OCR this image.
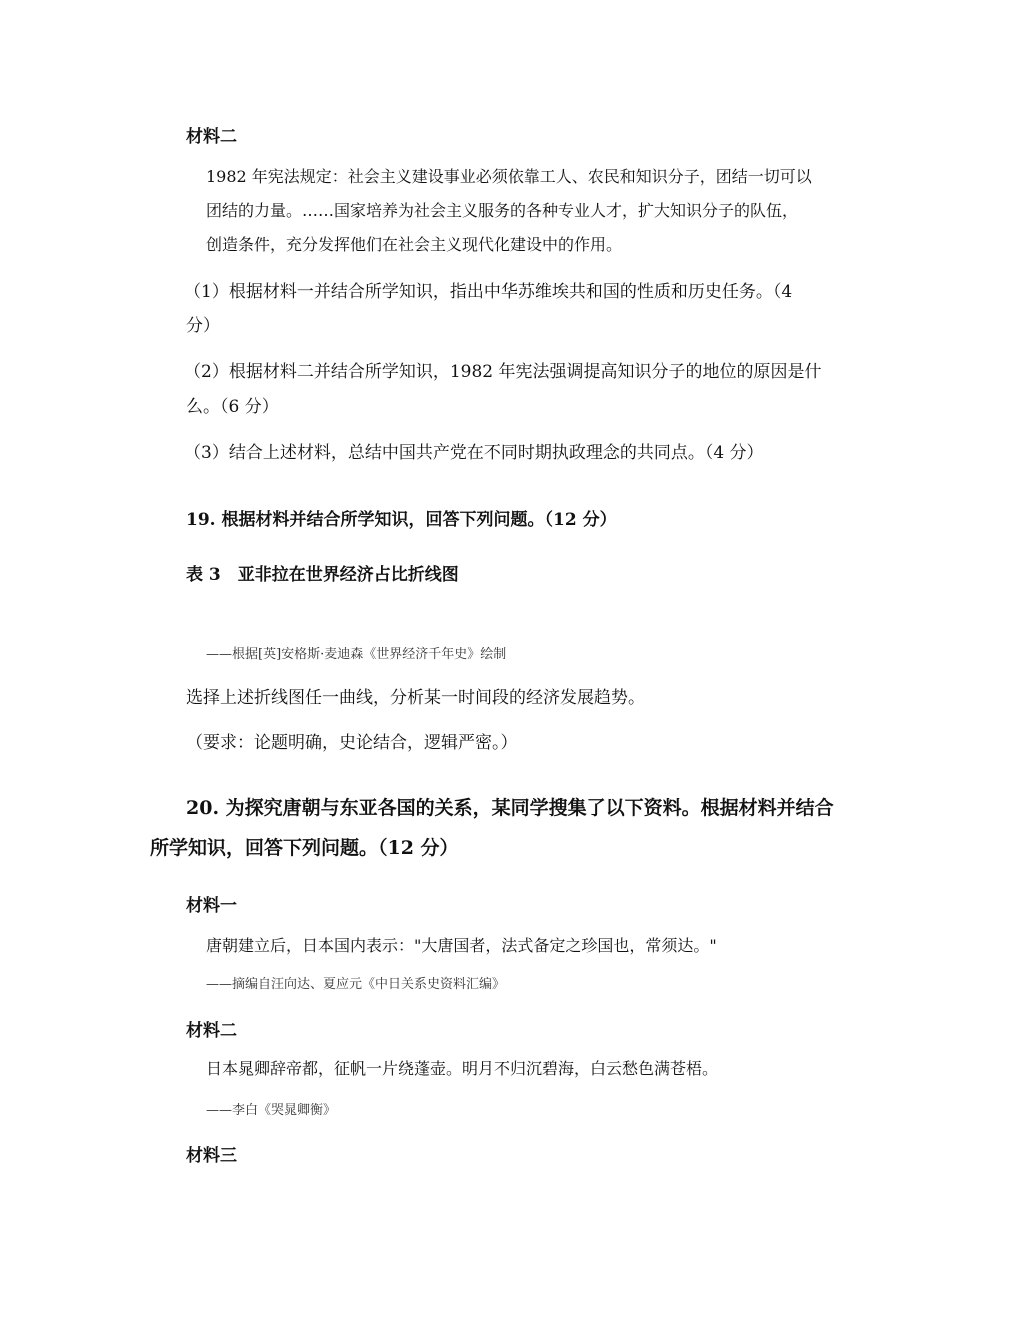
材料二
1982 年宪法规定：社会主义建设事业必须依靠工人、农民和知识分子，团结一切可以
团结的力量。……国家培养为社会主义服务的各种专业人才，扩大知识分子的队伍，
创造条件，充分发挥他们在社会主义现代化建设中的作用。
（1）根据材料一并结合所学知识，指出中华苏维埃共和国的性质和历史任务。（4
分）
（2）根据材料二并结合所学知识，1982 年宪法强调提高知识分子的地位的原因是什
么。（6 分）
（3）结合上述材料，总结中国共产党在不同时期执政理念的共同点。（4 分）
19. 根据材料并结合所学知识，回答下列问题。（12 分）
表 3　亚非拉在世界经济占比折线图
——根据[英]安格斯·麦迪森《世界经济千年史》绘制
选择上述折线图任一曲线，分析某一时间段的经济发展趋势。
（要求：论题明确，史论结合，逻辑严密。）
20. 为探究唐朝与东亚各国的关系，某同学搜集了以下资料。根据材料并结合
所学知识，回答下列问题。（12 分）
材料一
唐朝建立后，日本国内表示："大唐国者，法式备定之珍国也，常须达。"
——摘编自汪向达、夏应元《中日关系史资料汇编》
材料二
日本晁卿辞帝都，征帆一片绕蓬壶。明月不归沉碧海，白云愁色满苍梧。
——李白《哭晁卿衡》
材料三
